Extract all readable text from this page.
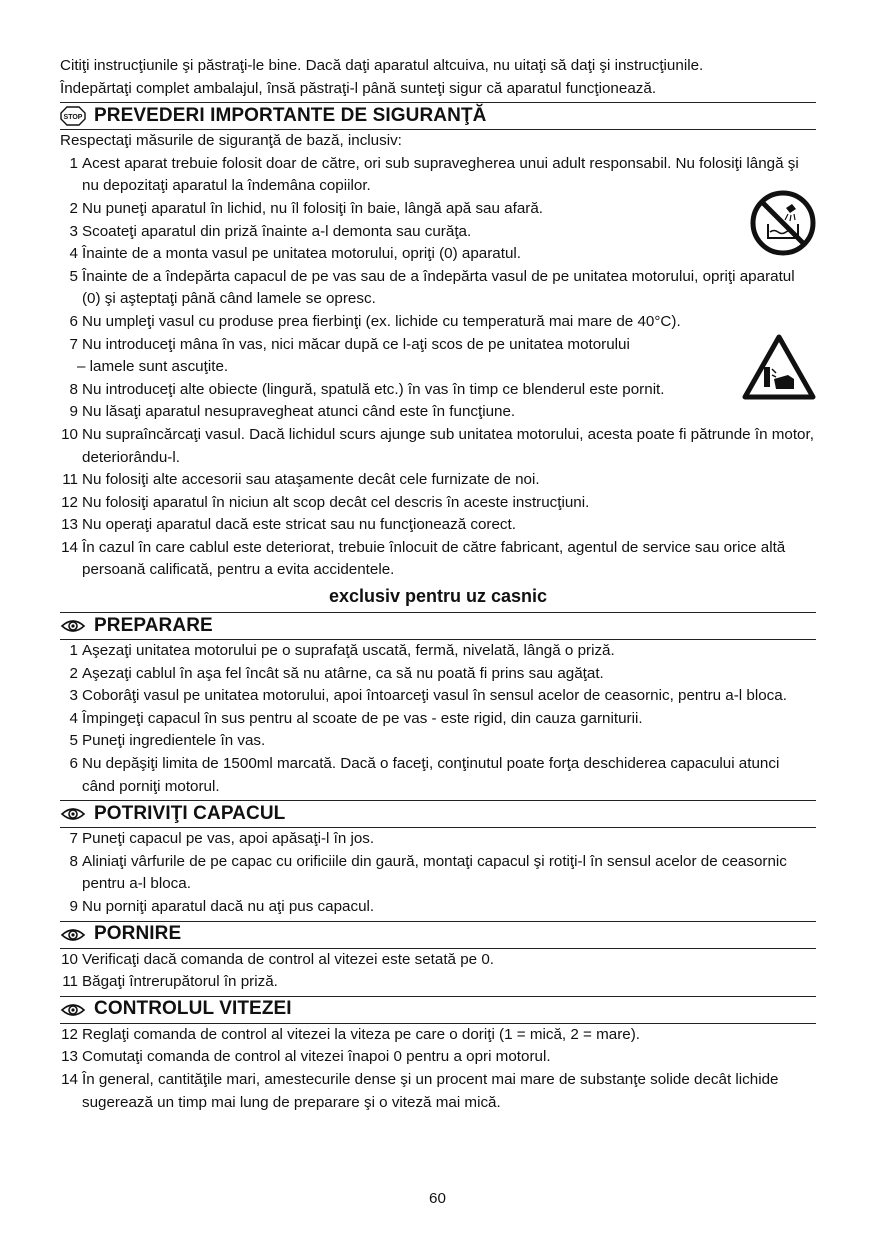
Citiţi instrucţiunile şi păstraţi-le bine. Dacă daţi aparatul altcuiva, nu uitaţi să daţi şi instrucţiunile.

Îndepărtaţi complet ambalajul, însă păstraţi-l până sunteţi sigur că aparatul funcţionează.

STOP PREVEDERI IMPORTANTE DE SIGURANŢĂ

Respectaţi măsurile de siguranţă de bază, inclusiv:

1 Acest aparat trebuie folosit doar de către, ori sub supravegherea unui adult responsabil. Nu folosiţi lângă şi nu depozitaţi aparatul la îndemâna copiilor.
2 Nu puneţi aparatul în lichid, nu îl folosiţi în baie, lângă apă sau afară.
3 Scoateţi aparatul din priză înainte a-l demonta sau curăţa.
4 Înainte de a monta vasul pe unitatea motorului, opriţi (0) aparatul.
5 Înainte de a îndepărta capacul de pe vas sau de a îndepărta vasul de pe unitatea motorului, opriţi aparatul (0) şi aşteptaţi până când lamele se opresc.
6 Nu umpleţi vasul cu produse prea fierbinţi (ex. lichide cu temperatură mai mare de 40°C).
7 Nu introduceţi mâna în vas, nici măcar după ce l-aţi scos de pe unitatea motorului
– lamele sunt ascuţite.
8 Nu introduceţi alte obiecte (lingură, spatulă etc.) în vas în timp ce blenderul este pornit.
9 Nu lăsaţi aparatul nesupravegheat atunci când este în funcţiune.
10 Nu supraîncărcaţi vasul. Dacă lichidul scurs ajunge sub unitatea motorului, acesta poate fi pătrunde în motor, deteriorându-l.
11 Nu folosiţi alte accesorii sau ataşamente decât cele furnizate de noi.
12 Nu folosiţi aparatul în niciun alt scop decât cel descris în aceste instrucţiuni.
13 Nu operaţi aparatul dacă este stricat sau nu funcţionează corect.
14 În cazul în care cablul este deteriorat, trebuie înlocuit de către fabricant, agentul de service sau orice altă persoană calificată, pentru a evita accidentele.

exclusiv pentru uz casnic

PREPARARE
1 Aşezaţi unitatea motorului pe o suprafaţă uscată, fermă, nivelată, lângă o priză.
2 Aşezaţi cablul în aşa fel încât să nu atârne, ca să nu poată fi prins sau agăţat.
3 Coborâţi vasul pe unitatea motorului, apoi întoarceţi vasul în sensul acelor de ceasornic, pentru a-l bloca.
4 Împingeţi capacul în sus pentru al scoate de pe vas - este rigid, din cauza garniturii.
5 Puneţi ingredientele în vas.
6 Nu depăşiţi limita de 1500ml marcată. Dacă o faceţi, conţinutul poate forţa deschiderea capacului atunci când porniţi motorul.
POTRIVIŢI CAPACUL
7 Puneţi capacul pe vas, apoi apăsaţi-l în jos.
8 Aliniaţi vârfurile de pe capac cu orificiile din gaură, montaţi capacul şi rotiţi-l în sensul acelor de ceasornic pentru a-l bloca.
9 Nu porniţi aparatul dacă nu aţi pus capacul.
PORNIRE
10 Verificaţi dacă comanda de control al vitezei este setată pe 0.
11 Băgaţi întrerupătorul în priză.
CONTROLUL VITEZEI
12 Reglaţi comanda de control al vitezei la viteza pe care o doriţi (1 = mică, 2 = mare).
13 Comutaţi comanda de control al vitezei înapoi 0 pentru a opri motorul.
14 În general, cantităţile mari, amestecurile dense şi un procent mai mare de substanţe solide decât lichide sugerează un timp mai lung de preparare şi o viteză mai mică.
60
